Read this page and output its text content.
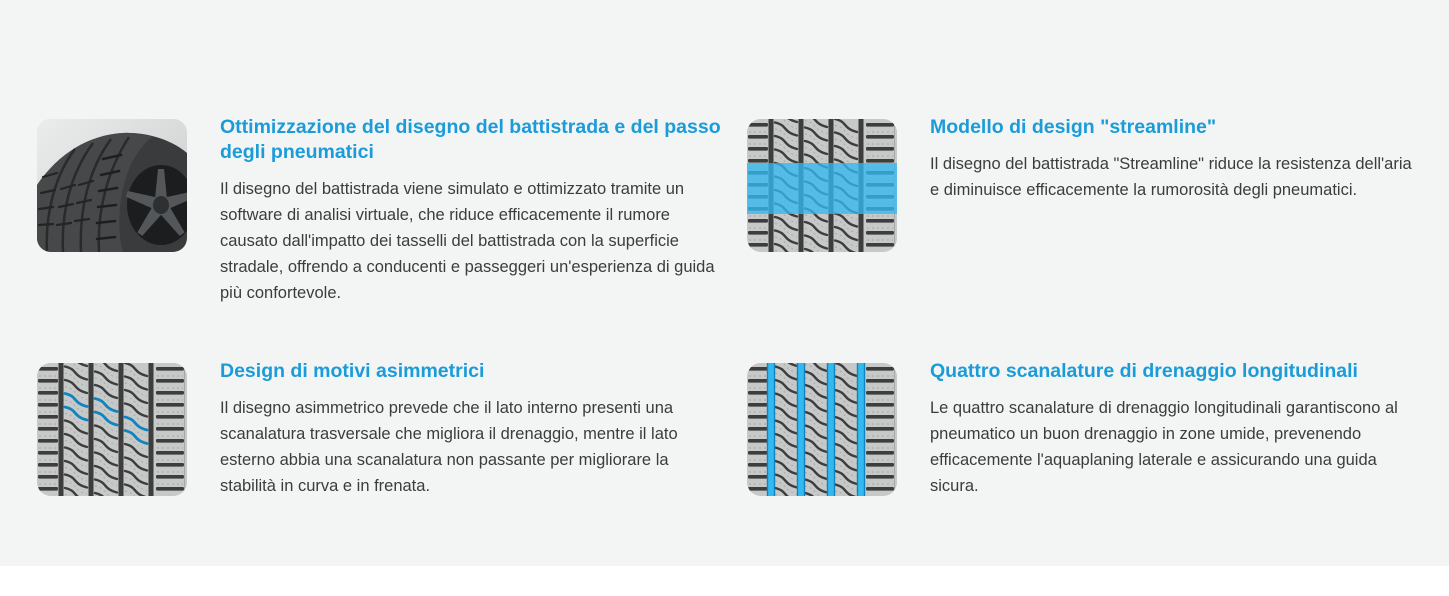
Ottimizzazione del disegno del battistrada e del passo degli pneumatici

Il disegno del battistrada viene simulato e ottimizzato tramite un software di analisi virtuale, che riduce efficacemente il rumore causato dall'impatto dei tasselli del battistrada con la superficie stradale, offrendo a conducenti e passeggeri un'esperienza di guida più confortevole.

Modello di design "streamline"

Il disegno del battistrada "Streamline" riduce la resistenza dell'aria e diminuisce efficacemente la rumorosità degli pneumatici.

Design di motivi asimmetrici

Il disegno asimmetrico prevede che il lato interno presenti una scanalatura trasversale che migliora il drenaggio, mentre il lato esterno abbia una scanalatura non passante per migliorare la stabilità in curva e in frenata.

Quattro scanalature di drenaggio longitudinali

Le quattro scanalature di drenaggio longitudinali garantiscono al pneumatico un buon drenaggio in zone umide, prevenendo efficacemente l'aquaplaning laterale e assicurando una guida sicura.
